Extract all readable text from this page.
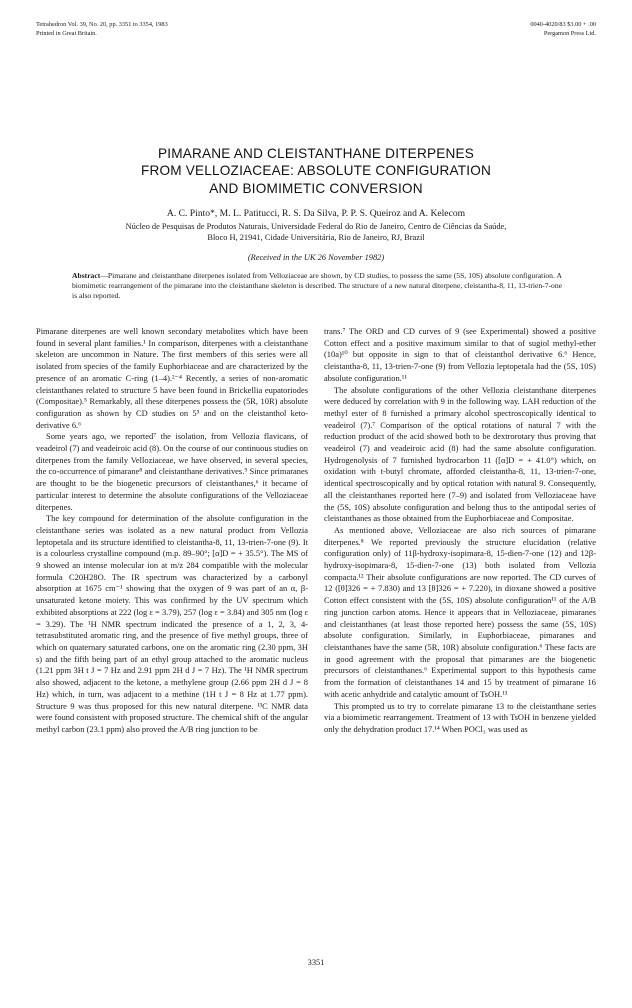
Tetrahedron Vol. 39, No. 20, pp. 3351 to 3354, 1983
Printed in Great Britain.
0040-4020/83 $3.00 + .00
Pergamon Press Ltd.
PIMARANE AND CLEISTANTHANE DITERPENES
FROM VELLOZIACEAE: ABSOLUTE CONFIGURATION
AND BIOMIMETIC CONVERSION
A. C. Pinto*, M. L. Patitucci, R. S. Da Silva, P. P. S. Queiroz and A. Kelecom
Núcleo de Pesquisas de Produtos Naturais, Universidade Federal do Rio de Janeiro, Centro de Ciências da Saúde,
Bloco H, 21941, Cidade Universitária, Rio de Janeiro, RJ, Brazil
(Received in the UK 26 November 1982)
Abstract—Pimarane and cleistanthane diterpenes isolated from Velloziaceae are shown, by CD studies, to possess the same (5S, 10S) absolute configuration. A biomimetic rearrangement of the pimarane into the cleistanthane skeleton is described. The structure of a new natural diterpene, cleistantha-8, 11, 13-trien-7-one is also reported.

Pimarane diterpenes are well known secondary metabolites which have been found in several plant families.¹ In comparison, diterpenes with a cleistanthane skeleton are uncommon in Nature. The first members of this series were all isolated from species of the family Euphorbiaceae and are characterized by the presence of an aromatic C-ring (1–4).²⁻⁴ Recently, a series of non-aromatic cleistanthanes related to structure 5 have been found in Brickellia eupatoriodes (Compositae).⁵ Remarkably, all these diterpenes possess the (5R, 10R) absolute configuration as shown by CD studies on 5⁵ and on the cleistanthol keto-derivative 6.⁶

Some years ago, we reported⁷ the isolation, from Vellozia flavicans, of veadeirol (7) and veadeiroic acid (8). On the course of our continuous studies on diterpenes from the family Velloziaceae, we have observed, in several species, the co-occurrence of pimarane⁸ and cleistanthane derivatives.⁹ Since primaranes are thought to be the biogenetic precursors of cleistanthanes,⁶ it became of particular interest to determine the absolute configurations of the Velloziaceae diterpenes.

The key compound for determination of the absolute configuration in the cleistanthane series was isolated as a new natural product from Vellozia leptopetala and its structure identified to cleistantha-8, 11, 13-trien-7-one (9). It is a colourless crystalline compound (m.p. 89–90°; [α]D = + 35.5°). The MS of 9 showed an intense molecular ion at m/z 284 compatible with the molecular formula C20H28O. The IR spectrum was characterized by a carbonyl absorption at 1675 cm⁻¹ showing that the oxygen of 9 was part of an α, β-unsaturated ketone moiety. This was confirmed by the UV spectrum which exhibited absorptions at 222 (log ε = 3.79), 257 (log ε = 3.84) and 305 nm (log ε = 3.29). The ¹H NMR spectrum indicated the presence of a 1, 2, 3, 4-tetrasubstituted aromatic ring, and the presence of five methyl groups, three of which on quaternary saturated carbons, one on the aromatic ring (2.30 ppm, 3H s) and the fifth being part of an ethyl group attached to the aromatic nucleus (1.21 ppm 3H t J = 7 Hz and 2.91 ppm 2H d J = 7 Hz). The ¹H NMR spectrum also showed, adjacent to the ketone, a methylene group (2.66 ppm 2H d J = 8 Hz) which, in turn, was adjacent to a methine (1H t J = 8 Hz at 1.77 ppm). Structure 9 was thus proposed for this new natural diterpene. ¹³C NMR data were found consistent with proposed structure. The chemical shift of the angular methyl carbon (23.1 ppm) also proved the A/B ring junction to be

trans.⁷ The ORD and CD curves of 9 (see Experimental) showed a positive Cotton effect and a positive maximum similar to that of sugiol methyl-ether (10a)¹⁰ but opposite in sign to that of cleistanthol derivative 6.⁶ Hence, cleistantha-8, 11, 13-trien-7-one (9) from Vellozia leptopetala had the (5S, 10S) absolute configuration.¹¹

The absolute configurations of the other Vellozia cleistanthane diterpenes were deduced by correlation with 9 in the following way. LAH reduction of the methyl ester of 8 furnished a primary alcohol spectroscopically identical to veadeirol (7).⁷ Comparison of the optical rotations of natural 7 with the reduction product of the acid showed both to be dextrorotary thus proving that veadeirol (7) and veadeiroic acid (8) had the same absolute configuration. Hydrogenolysis of 7 furnished hydrocarbon 11 ([α]D = + 41.0°) which, on oxidation with t-butyl chromate, afforded cleistantha-8, 11, 13-trien-7-one, identical spectroscopically and by optical rotation with natural 9. Consequently, all the cleistanthanes reported here (7–9) and isolated from Velloziaceae have the (5S, 10S) absolute configuration and belong thus to the antipodal series of cleistanthanes as those obtained from the Euphorbiaceae and Compositae.

As mentioned above, Velloziaceae are also rich sources of pimarane diterpenes.⁸ We reported previously the structure elucidation (relative configuration only) of 11β-hydroxy-isopimara-8, 15-dien-7-one (12) and 12β-hydroxy-isopimara-8, 15-dien-7-one (13) both isolated from Vellozia compacta.¹² Their absolute configurations are now reported. The CD curves of 12 ([θ]326 = + 7.830) and 13 [θ]326 = + 7.220), in dioxane showed a positive Cotton effect consistent with the (5S, 10S) absolute configuration¹¹ of the A/B ring junction carbon atoms. Hence it appears that in Velloziaceae, pimaranes and cleistanthanes (at least those reported here) possess the same (5S, 10S) absolute configuration. Similarly, in Euphorbiaceae, pimaranes and cleistanthanes have the same (5R, 10R) absolute configuration.⁶ These facts are in good agreement with the proposal that pimaranes are the biogenetic precursors of cleistanthanes.⁶ Experimental support to this hypothesis came from the formation of cleistanthanes 14 and 15 by treatment of pimarane 16 with acetic anhydride and catalytic amount of TsOH.¹³

This prompted us to try to correlate pimarane 13 to the cleistanthane series via a biomimetic rearrangement. Treatment of 13 with TsOH in benzene yielded only the dehydration product 17.¹⁴ When POCl₃ was used as

3351
